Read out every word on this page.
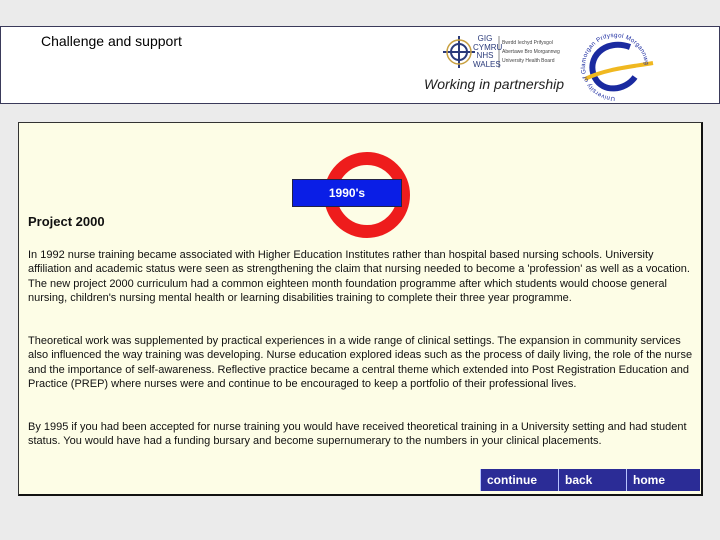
Challenge and support	Bwrdd Iechyd Prifysgol
Abertawe Bro Morgannwg
University Health Board
GIG CYMRU NHS WALES
Working in partnership
University of Glamorgan Prifysgol Morgannwg
1990's
Project 2000

In 1992 nurse training became associated with Higher Education Institutes rather than hospital based nursing schools. University affiliation and academic status were seen as strengthening the claim that nursing needed to become a 'profession' as well as a vocation. The new project 2000 curriculum had a common eighteen month foundation programme after which students would choose general nursing, children's nursing mental health or learning disabilities training to complete their three year programme.

Theoretical work was supplemented by practical experiences in a wide range of clinical settings. The expansion in community services also influenced the way training was developing. Nurse education explored ideas such as the process of daily living, the role of the nurse and the importance of self-awareness. Reflective practice became a central theme which extended into Post Registration Education and Practice (PREP) where nurses were and continue to be encouraged to keep a portfolio of their professional lives.

By 1995 if you had been accepted for nurse training you would have received theoretical training in a University setting and had student status. You would have had a funding bursary and become supernumerary to the numbers in your clinical placements.

continue	back	home
